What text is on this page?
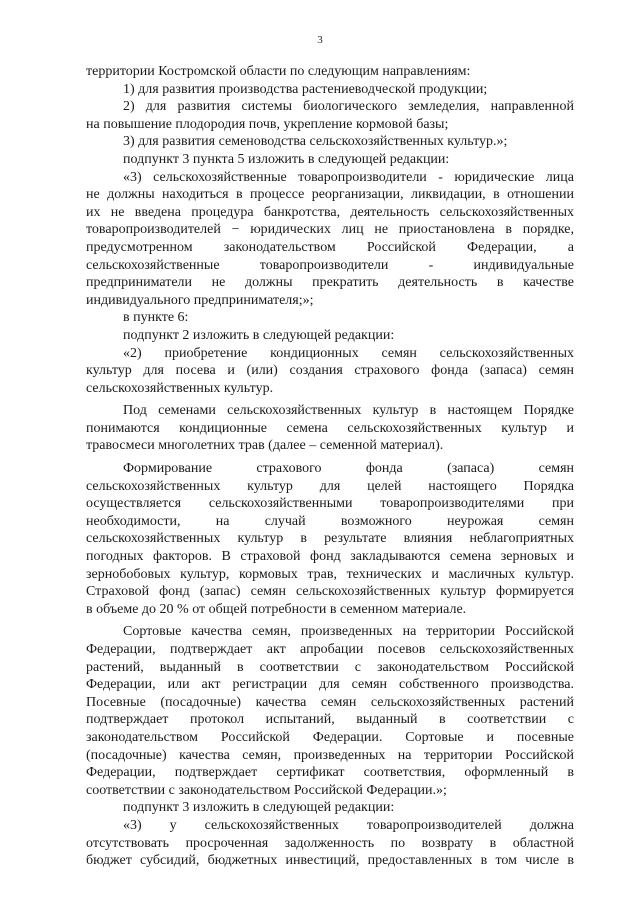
3
территории Костромской области по следующим направлениям:
1) для развития производства растениеводческой продукции;
2) для развития системы биологического земледелия, направленной
на повышение плодородия почв, укрепление кормовой базы;
3) для развития семеноводства сельскохозяйственных культур.»;
подпункт 3 пункта 5 изложить в следующей редакции:
«3) сельскохозяйственные товаропроизводители - юридические лица
не должны находиться в процессе реорганизации, ликвидации, в отношении
их не введена процедура банкротства, деятельность сельскохозяйственных
товаропроизводителей − юридических лиц не приостановлена в порядке,
предусмотренном законодательством Российской Федерации, а
сельскохозяйственные товаропроизводители - индивидуальные
предприниматели не должны прекратить деятельность в качестве
индивидуального предпринимателя;»;
в пункте 6:
подпункт 2 изложить в следующей редакции:
«2) приобретение кондиционных семян сельскохозяйственных
культур для посева и (или) создания страхового фонда (запаса) семян
сельскохозяйственных культур.
Под семенами сельскохозяйственных культур в настоящем Порядке
понимаются кондиционные семена сельскохозяйственных культур и
травосмеси многолетних трав (далее – семенной материал).
Формирование страхового фонда (запаса) семян
сельскохозяйственных культур для целей настоящего Порядка
осуществляется сельскохозяйственными товаропроизводителями при
необходимости, на случай возможного неурожая семян
сельскохозяйственных культур в результате влияния неблагоприятных
погодных факторов. В страховой фонд закладываются семена зерновых и
зернобобовых культур, кормовых трав, технических и масличных культур.
Страховой фонд (запас) семян сельскохозяйственных культур формируется
в объеме до 20 % от общей потребности в семенном материале.
Сортовые качества семян, произведенных на территории Российской
Федерации, подтверждает акт апробации посевов сельскохозяйственных
растений, выданный в соответствии с законодательством Российской
Федерации, или акт регистрации для семян собственного производства.
Посевные (посадочные) качества семян сельскохозяйственных растений
подтверждает протокол испытаний, выданный в соответствии с
законодательством Российской Федерации. Сортовые и посевные
(посадочные) качества семян, произведенных на территории Российской
Федерации, подтверждает сертификат соответствия, оформленный в
соответствии с законодательством Российской Федерации.»;
подпункт 3 изложить в следующей редакции:
«3) у сельскохозяйственных товаропроизводителей должна
отсутствовать просроченная задолженность по возврату в областной
бюджет субсидий, бюджетных инвестиций, предоставленных в том числе в
